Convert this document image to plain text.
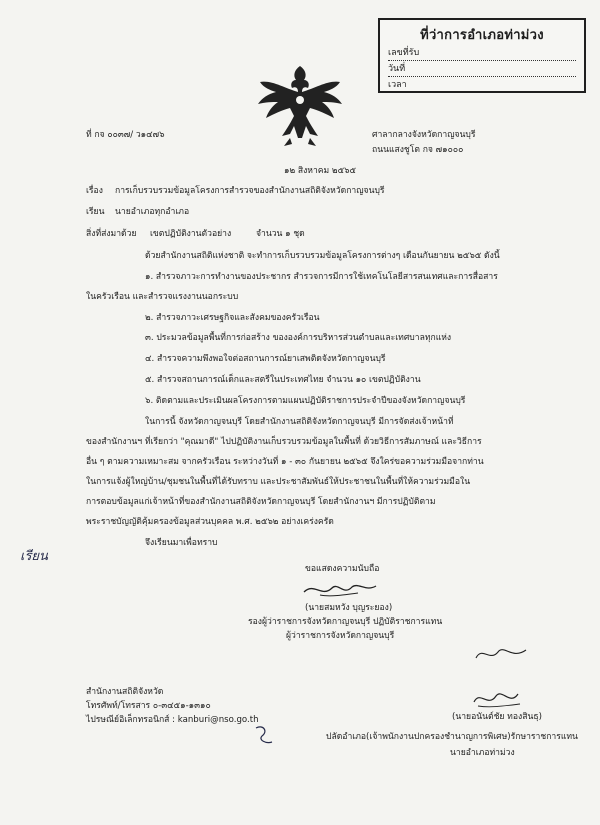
ที่ว่าการอำเภอท่าม่วง
เลขที่รับ
วันที่
เวลา
ที่ กจ ๐๐๓๗/ ว๑๔๗๖	ศาลากลางจังหวัดกาญจนบุรี
ถนนแสงชูโต กจ ๗๑๐๐๐
๑๒ สิงหาคม ๒๕๖๕
เรื่อง การเก็บรวบรวมข้อมูลโครงการสำรวจของสำนักงานสถิติจังหวัดกาญจนบุรี
เรียน นายอำเภอทุกอำเภอ
สิ่งที่ส่งมาด้วย เขตปฏิบัติงานตัวอย่าง	จำนวน ๑ ชุด
ด้วยสำนักงานสถิติแห่งชาติ จะทำการเก็บรวบรวมข้อมูลโครงการต่างๆ เดือนกันยายน ๒๕๖๕ ดังนี้
๑. สำรวจภาวะการทำงานของประชากร สำรวจการมีการใช้เทคโนโลยีสารสนเทศและการสื่อสาร
ในครัวเรือน และสำรวจแรงงานนอกระบบ
๒. สำรวจภาวะเศรษฐกิจและสังคมของครัวเรือน
๓. ประมวลข้อมูลพื้นที่การก่อสร้าง ขององค์การบริหารส่วนตำบลและเทศบาลทุกแห่ง
๔. สำรวจความพึงพอใจต่อสถานการณ์ยาเสพติดจังหวัดกาญจนบุรี
๕. สำรวจสถานการณ์เด็กและสตรีในประเทศไทย จำนวน ๑๐ เขตปฏิบัติงาน
๖. ติดตามและประเมินผลโครงการตามแผนปฏิบัติราชการประจำปีของจังหวัดกาญจนบุรี
ในการนี้ จังหวัดกาญจนบุรี โดยสำนักงานสถิติจังหวัดกาญจนบุรี มีการจัดส่งเจ้าหน้าที่
ของสำนักงานฯ ที่เรียกว่า "คุณมาดี" ไปปฏิบัติงานเก็บรวบรวมข้อมูลในพื้นที่ ด้วยวิธีการสัมภาษณ์ และวิธีการ
อื่น ๆ ตามความเหมาะสม จากครัวเรือน ระหว่างวันที่ ๑ - ๓๐ กันยายน ๒๕๖๕ จึงใคร่ขอความร่วมมือจากท่าน
ในการแจ้งผู้ใหญ่บ้าน/ชุมชนในพื้นที่ได้รับทราบ และประชาสัมพันธ์ให้ประชาชนในพื้นที่ให้ความร่วมมือใน
การตอบข้อมูลแก่เจ้าหน้าที่ของสำนักงานสถิติจังหวัดกาญจนบุรี โดยสำนักงานฯ มีการปฏิบัติตาม
พระราชบัญญัติคุ้มครองข้อมูลส่วนบุคคล พ.ศ. ๒๕๖๒ อย่างเคร่งครัด
จึงเรียนมาเพื่อทราบ
ขอแสดงความนับถือ
(นายสมหวัง บุญระยอง)
รองผู้ว่าราชการจังหวัดกาญจนบุรี ปฏิบัติราชการแทน
ผู้ว่าราชการจังหวัดกาญจนบุรี
สำนักงานสถิติจังหวัด
โทรศัพท์/โทรสาร ๐-๓๔๕๑-๑๓๑๐
ไปรษณีย์อิเล็กทรอนิกส์ : kanburi@nso.go.th	(นายอนันต์ชัย ทองสินธุ)
ปลัดอำเภอ(เจ้าพนักงานปกครองชำนาญการพิเศษ)รักษาราชการแทน
นายอำเภอท่าม่วง
เรียน
